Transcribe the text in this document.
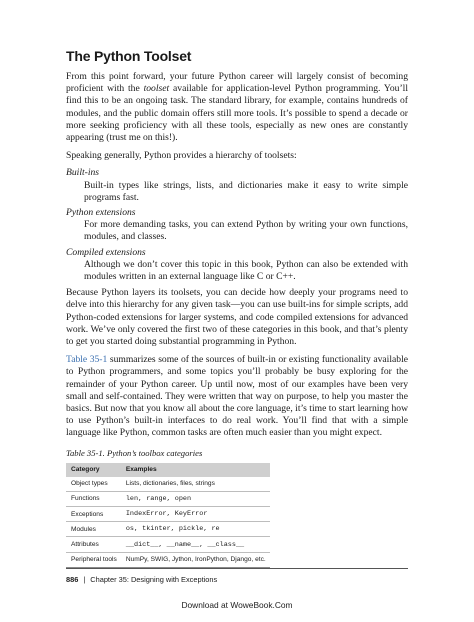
The Python Toolset

From this point forward, your future Python career will largely consist of becoming proficient with the toolset available for application-level Python programming. You’ll find this to be an ongoing task. The standard library, for example, contains hundreds of modules, and the public domain offers still more tools. It’s possible to spend a decade or more seeking proficiency with all these tools, especially as new ones are constantly appearing (trust me on this!).

Speaking generally, Python provides a hierarchy of toolsets:

Built-ins

Built-in types like strings, lists, and dictionaries make it easy to write simple programs fast.

Python extensions

For more demanding tasks, you can extend Python by writing your own functions, modules, and classes.

Compiled extensions

Although we don’t cover this topic in this book, Python can also be extended with modules written in an external language like C or C++.

Because Python layers its toolsets, you can decide how deeply your programs need to delve into this hierarchy for any given task—you can use built-ins for simple scripts, add Python-coded extensions for larger systems, and code compiled extensions for advanced work. We’ve only covered the first two of these categories in this book, and that’s plenty to get you started doing substantial programming in Python.

Table 35-1 summarizes some of the sources of built-in or existing functionality available to Python programmers, and some topics you’ll probably be busy exploring for the remainder of your Python career. Up until now, most of our examples have been very small and self-contained. They were written that way on purpose, to help you master the basics. But now that you know all about the core language, it’s time to start learning how to use Python’s built-in interfaces to do real work. You’ll find that with a simple language like Python, common tasks are often much easier than you might expect.

Table 35-1. Python’s toolbox categories

Category	Examples
Object types	Lists, dictionaries, files, strings
Functions	len, range, open
Exceptions	IndexError, KeyError
Modules	os, tkinter, pickle, re
Attributes	__dict__, __name__, __class__
Peripheral tools	NumPy, SWIG, Jython, IronPython, Django, etc.
886 | Chapter 35: Designing with Exceptions
Download at WoweBook.Com
